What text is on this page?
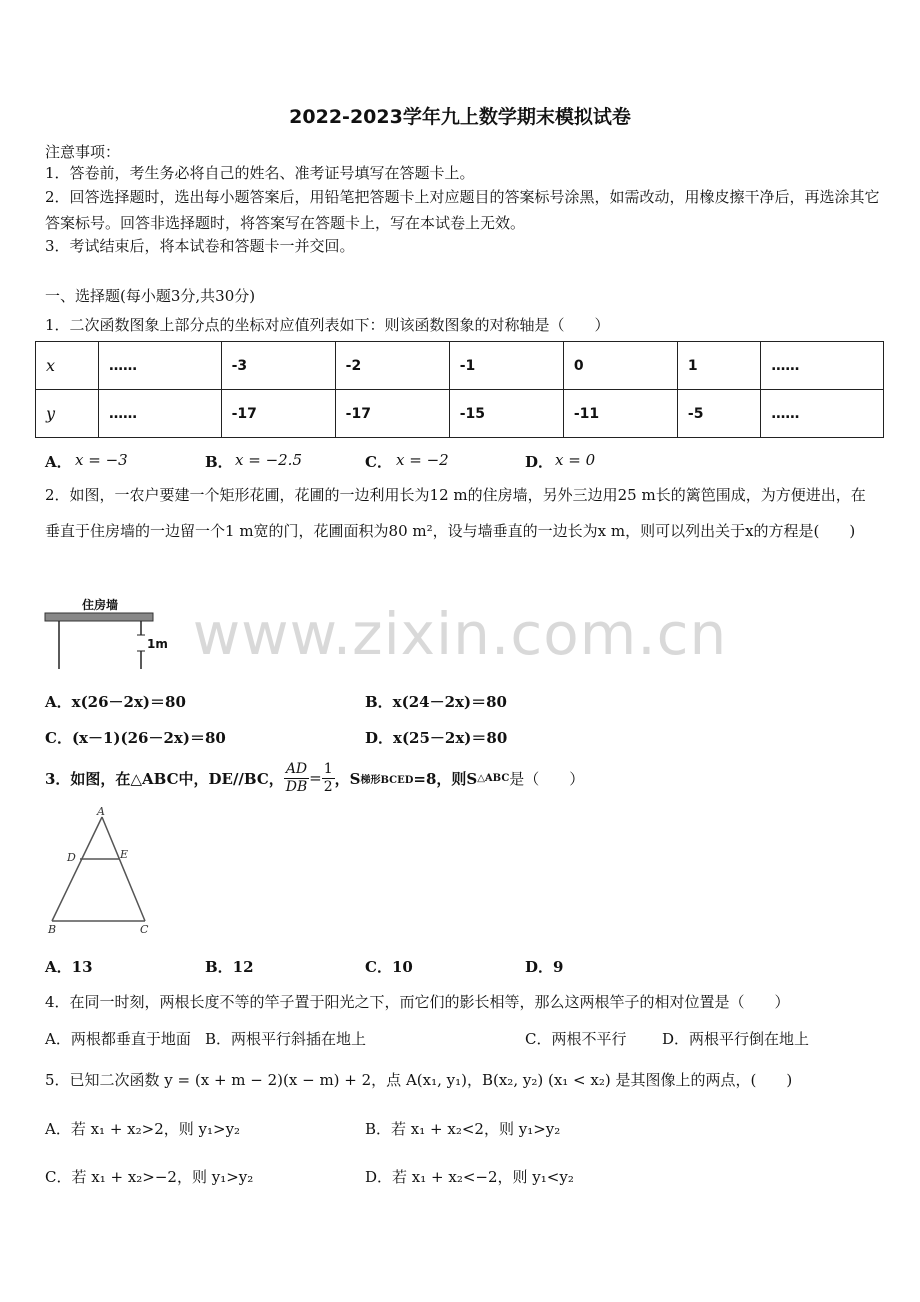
2022-2023学年九上数学期末模拟试卷
注意事项：
1．答卷前，考生务必将自己的姓名、准考证号填写在答题卡上。
2．回答选择题时，选出每小题答案后，用铅笔把答题卡上对应题目的答案标号涂黑，如需改动，用橡皮擦干净后，再选涂其它答案标号。回答非选择题时，将答案写在答题卡上，写在本试卷上无效。
3．考试结束后，将本试卷和答题卡一并交回。
一、选择题(每小题3分,共30分)
1．二次函数图象上部分点的坐标对应值列表如下：则该函数图象的对称轴是（　　）
x	……	-3	-2	-1	0	1	……
y	……	-17	-17	-15	-11	-5	……
A． x = −3	B． x = −2.5	C． x = −2	D． x = 0
2．如图，一农户要建一个矩形花圃，花圃的一边利用长为12 m的住房墙，另外三边用25 m长的篱笆围成，为方便进出，在垂直于住房墙的一边留一个1 m宽的门，花圃面积为80 m²，设与墙垂直的一边长为x m，则可以列出关于x的方程是(　　)
住房墙
1m
A．x(26－2x)＝80	B．x(24－2x)＝80
C．(x－1)(26－2x)＝80	D．x(25－2x)＝80
3．如图，在△ABC中，DE//BC， $\frac{AD}{DB} = \frac{1}{2}$ ，S 梯形BCED =8，则S △ABC 是（　　）
A
D	E
B	C
A．13	B．12	C．10	D．9
4．在同一时刻，两根长度不等的竿子置于阳光之下，而它们的影长相等，那么这两根竿子的相对位置是（　　）
A．两根都垂直于地面 B．两根平行斜插在地上	C．两根不平行 D．两根平行倒在地上
5．已知二次函数 y = (x + m − 2)(x − m) + 2，点 A(x₁, y₁)，B(x₂, y₂) (x₁ < x₂) 是其图像上的两点，(　　)
A．若 x₁ + x₂>2，则 y₁>y₂	B．若 x₁ + x₂<2，则 y₁>y₂
C．若 x₁ + x₂>−2，则 y₁>y₂	D．若 x₁ + x₂<−2，则 y₁<y₂
www.zixin.com.cn
